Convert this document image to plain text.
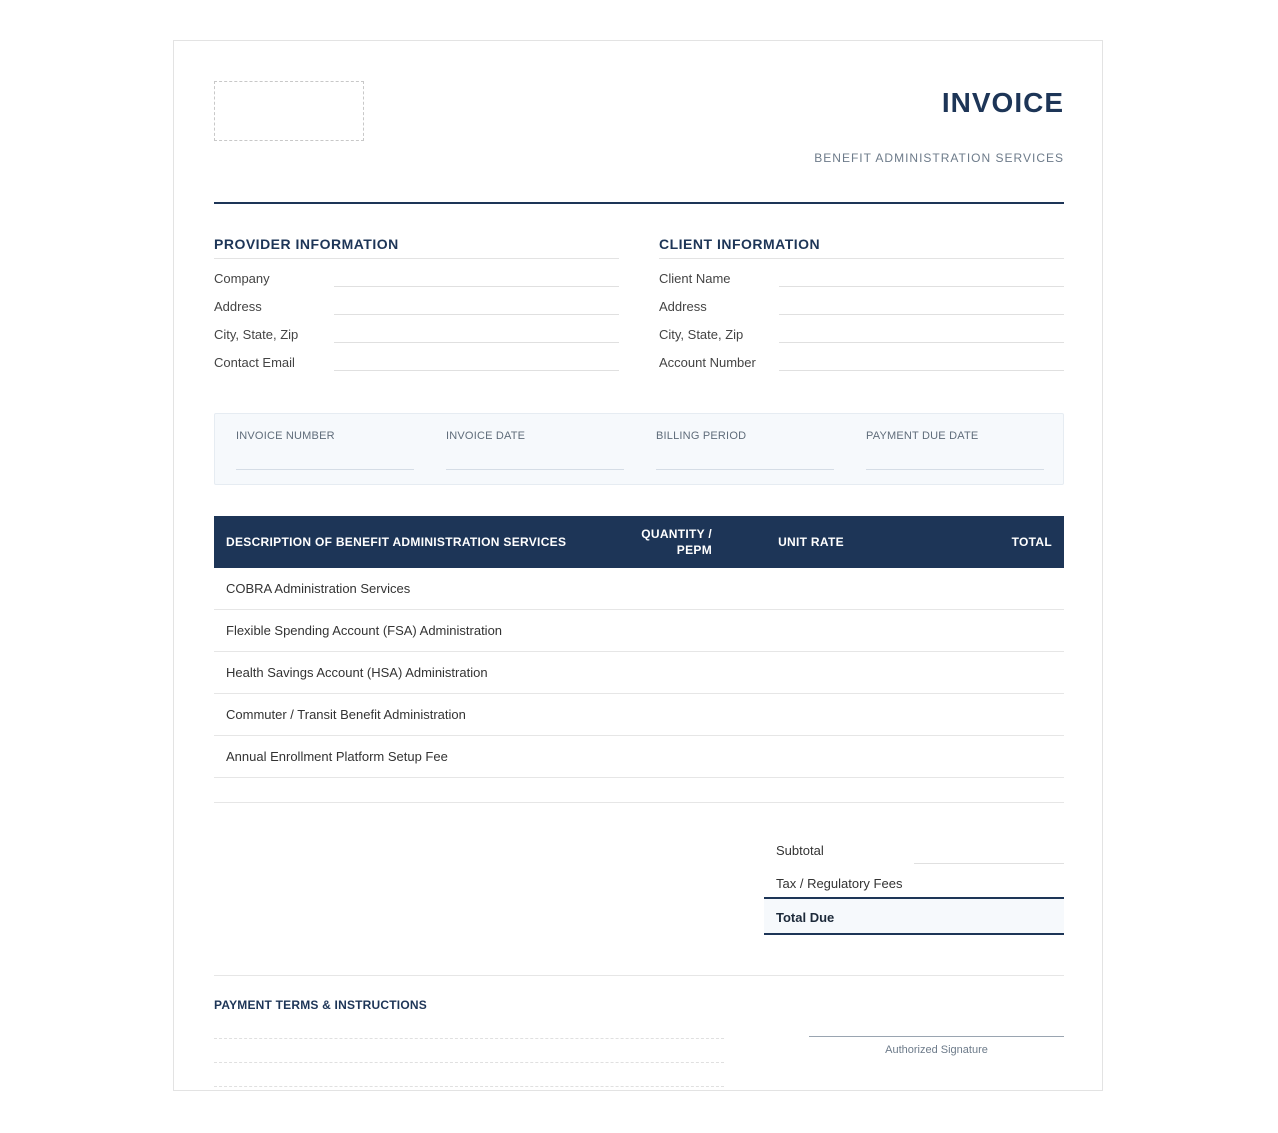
INVOICE
BENEFIT ADMINISTRATION SERVICES
PROVIDER INFORMATION
Company
Address
City, State, Zip
Contact Email
CLIENT INFORMATION
Client Name
Address
City, State, Zip
Account Number
INVOICE NUMBER	INVOICE DATE	BILLING PERIOD	PAYMENT DUE DATE
DESCRIPTION OF BENEFIT ADMINISTRATION SERVICES	QUANTITY / PEPM	UNIT RATE	TOTAL
COBRA Administration Services			
Flexible Spending Account (FSA) Administration			
Health Savings Account (HSA) Administration			
Commuter / Transit Benefit Administration			
Annual Enrollment Platform Setup Fee			

Subtotal
Tax / Regulatory Fees
Total Due
PAYMENT TERMS & INSTRUCTIONS
Authorized Signature
